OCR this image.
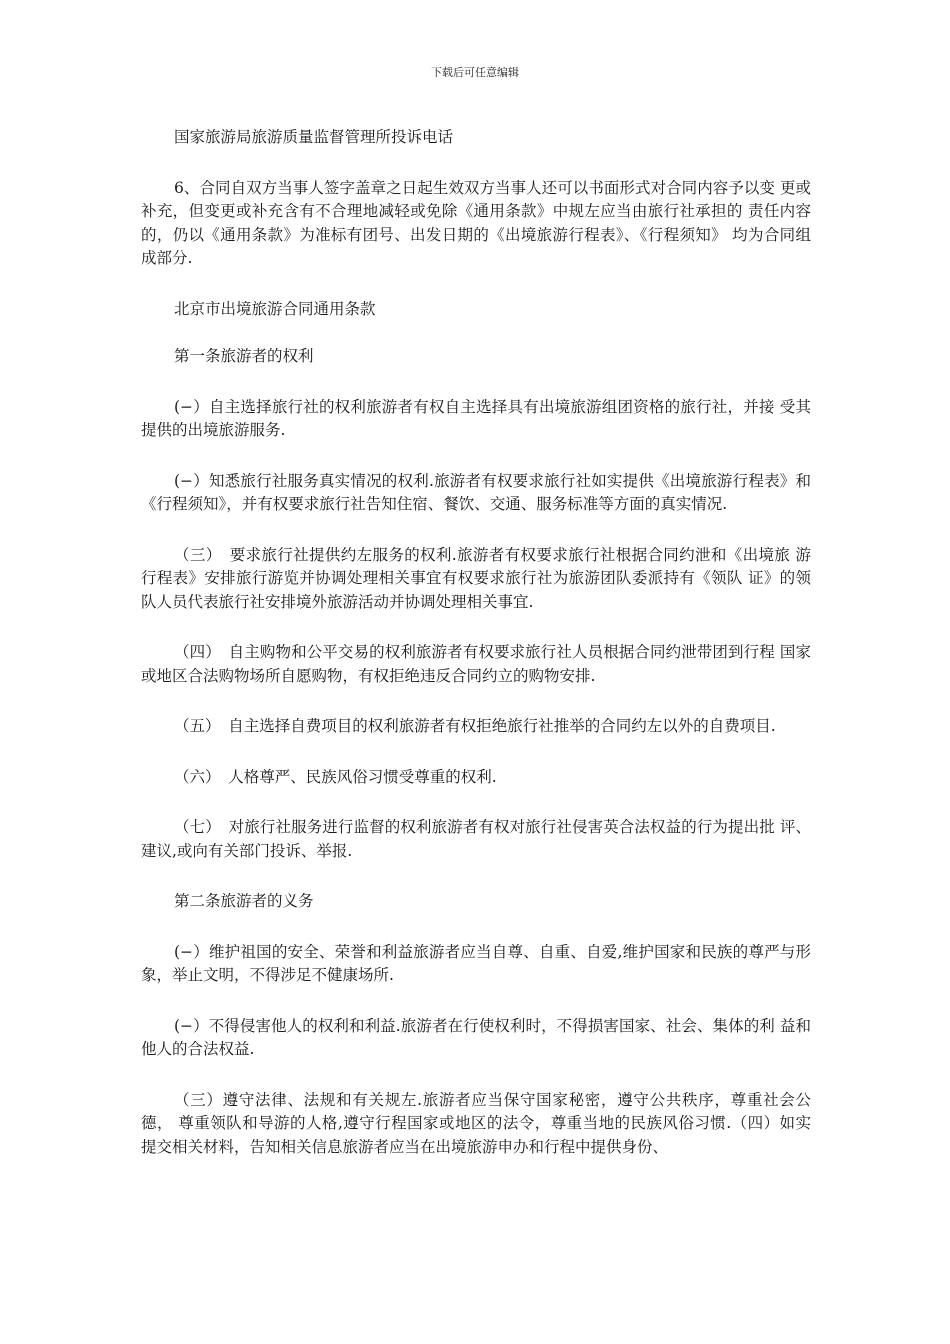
下载后可任意编辑

国家旅游局旅游质量监督管理所投诉电话

6、合同自双方当事人签字盖章之日起生效双方当事人还可以书面形式对合同内容予以变 更或补充，但变更或补充含有不合理地减轻或免除《通用条款》中规左应当由旅行社承担的 责任内容的，仍以《通用条款》为准标有团号、出发日期的《出境旅游行程表》、《行程须知》 均为合同组成部分.

北京市出境旅游合同通用条款

第一条旅游者的权利

(−）自主选择旅行社的权利旅游者有权自主选择具有出境旅游组团资格的旅行社，并接 受其提供的出境旅游服务.

(−）知悉旅行社服务真实情况的权利.旅游者有权要求旅行社如实提供《出境旅游行程表》和《行程须知》，并有权要求旅行社告知住宿、餐饮、交通、服务标准等方面的真实情况.

（三）　要求旅行社提供约左服务的权利.旅游者有权要求旅行社根据合同约泄和《出境旅 游行程表》安排旅行游览并协调处理相关事宜有权要求旅行社为旅游团队委派持有《领队 证》的领队人员代表旅行社安排境外旅游活动并协调处理相关事宜.

（四）　自主购物和公平交易的权利旅游者有权要求旅行社人员根据合同约泄带团到行程 国家或地区合法购物场所自愿购物，有权拒绝违反合同约立的购物安排.

（五）　自主选择自费项目的权利旅游者有权拒绝旅行社推举的合同约左以外的自费项目.

（六）　人格尊严、民族风俗习惯受尊重的权利.

（七）　对旅行社服务进行监督的权利旅游者有权对旅行社侵害英合法权益的行为提出批 评、建议,或向有关部门投诉、举报.

第二条旅游者的义务

(−）维护祖国的安全、荣誉和利益旅游者应当自尊、自重、自爱,维护国家和民族的尊严与形象，举止文明，不得涉足不健康场所.

(−）不得侵害他人的权利和利益.旅游者在行使权利时，不得损害国家、社会、集体的利 益和他人的合法权益.

（三）遵守法律、法规和有关规左.旅游者应当保守国家秘密，遵守公共秩序，尊重社会公德， 尊重领队和导游的人格,遵守行程国家或地区的法令，尊重当地的民族风俗习惯.（四）如实 提交相关材料，告知相关信息旅游者应当在出境旅游申办和行程中提供身份、
